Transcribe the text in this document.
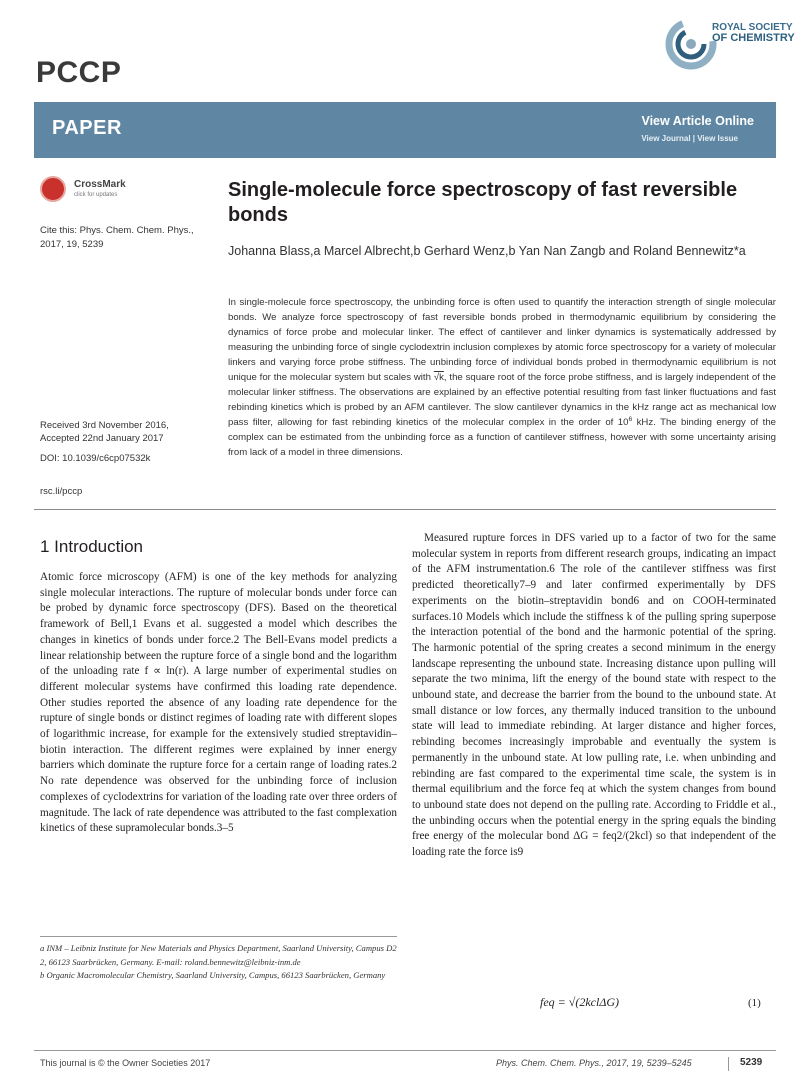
PCCP
ROYAL SOCIETY
OF CHEMISTRY
PAPER	View Article Online
View Journal | View Issue
CrossMark
click for updates
Cite this: Phys. Chem. Chem. Phys., 2017, 19, 5239
Received 3rd November 2016,
Accepted 22nd January 2017
DOI: 10.1039/c6cp07532k
rsc.li/pccp
Single-molecule force spectroscopy of fast reversible bonds
Johanna Blass,a Marcel Albrecht,b Gerhard Wenz,b Yan Nan Zangb and Roland Bennewitz*a
In single-molecule force spectroscopy, the unbinding force is often used to quantify the interaction strength of single molecular bonds. We analyze force spectroscopy of fast reversible bonds probed in thermodynamic equilibrium by considering the dynamics of force probe and molecular linker. The effect of cantilever and linker dynamics is systematically addressed by measuring the unbinding force of single cyclodextrin inclusion complexes by atomic force spectroscopy for a variety of molecular linkers and varying force probe stiffness. The unbinding force of individual bonds probed in thermodynamic equilibrium is not unique for the molecular system but scales with √k, the square root of the force probe stiffness, and is largely independent of the molecular linker stiffness. The observations are explained by an effective potential resulting from fast linker fluctuations and fast rebinding kinetics which is probed by an AFM cantilever. The slow cantilever dynamics in the kHz range act as mechanical low pass filter, allowing for fast rebinding kinetics of the molecular complex in the order of $10^6$ kHz. The binding energy of the complex can be estimated from the unbinding force as a function of cantilever stiffness, however with some uncertainty arising from lack of a model in three dimensions.
1 Introduction

Atomic force microscopy (AFM) is one of the key methods for analyzing single molecular interactions. The rupture of molecular bonds under force can be probed by dynamic force spectroscopy (DFS). Based on the theoretical framework of Bell,1 Evans et al. suggested a model which describes the changes in kinetics of bonds under force.2 The Bell-Evans model predicts a linear relationship between the rupture force of a single bond and the logarithm of the unloading rate f ∝ ln(r). A large number of experimental studies on different molecular systems have confirmed this loading rate dependence. Other studies reported the absence of any loading rate dependence for the rupture of single bonds or distinct regimes of loading rate with different slopes of logarithmic increase, for example for the extensively studied streptavidin–biotin interaction. The different regimes were explained by inner energy barriers which dominate the rupture force for a certain range of loading rates.2 No rate dependence was observed for the unbinding force of inclusion complexes of cyclodextrins for variation of the loading rate over three orders of magnitude. The lack of rate dependence was attributed to the fast complexation kinetics of these supramolecular bonds.3–5

Measured rupture forces in DFS varied up to a factor of two for the same molecular system in reports from different research groups, indicating an impact of the AFM instrumentation.6 The role of the cantilever stiffness was first predicted theoretically7–9 and later confirmed experimentally by DFS experiments on the biotin–streptavidin bond6 and on COOH-terminated surfaces.10 Models which include the stiffness k of the pulling spring superpose the interaction potential of the bond and the harmonic potential of the spring. The harmonic potential of the spring creates a second minimum in the energy landscape representing the unbound state. Increasing distance upon pulling will separate the two minima, lift the energy of the bound state with respect to the unbound state, and decrease the barrier from the bound to the unbound state. At small distance or low forces, any thermally induced transition to the unbound state will lead to immediate rebinding. At larger distance and higher forces, rebinding becomes increasingly improbable and eventually the system is permanently in the unbound state. At low pulling rate, i.e. when unbinding and rebinding are fast compared to the experimental time scale, the system is in thermal equilibrium and the force feq at which the system changes from bound to unbound state does not depend on the pulling rate. According to Friddle et al., the unbinding occurs when the potential energy in the spring equals the binding free energy of the molecular bond ΔG = feq2/(2kcl) so that independent of the loading rate the force is9

a INM – Leibniz Institute for New Materials and Physics Department, Saarland University, Campus D2 2, 66123 Saarbrücken, Germany. E-mail: roland.bennewitz@leibniz-inm.de
b Organic Macromolecular Chemistry, Saarland University, Campus, 66123 Saarbrücken, Germany
feq = √(2kclΔG)	(1)
This journal is © the Owner Societies 2017	Phys. Chem. Chem. Phys., 2017, 19, 5239–5245	5239
